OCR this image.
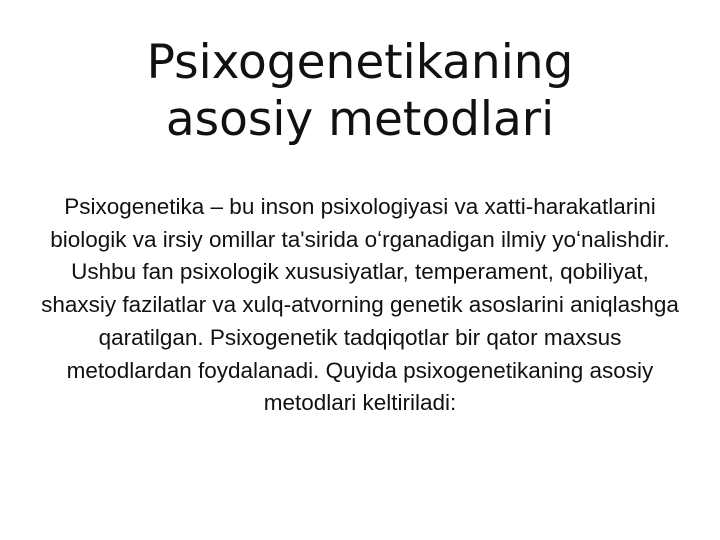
Psixogenetikaning
asosiy metodlari

Psixogenetika – bu inson psixologiyasi va xatti-harakatlarini biologik va irsiy omillar ta'sirida oʻrganadigan ilmiy yoʻnalishdir. Ushbu fan psixologik xususiyatlar, temperament, qobiliyat, shaxsiy fazilatlar va xulq-atvorning genetik asoslarini aniqlashga qaratilgan. Psixogenetik tadqiqotlar bir qator maxsus metodlardan foydalanadi. Quyida psixogenetikaning asosiy metodlari keltiriladi:
